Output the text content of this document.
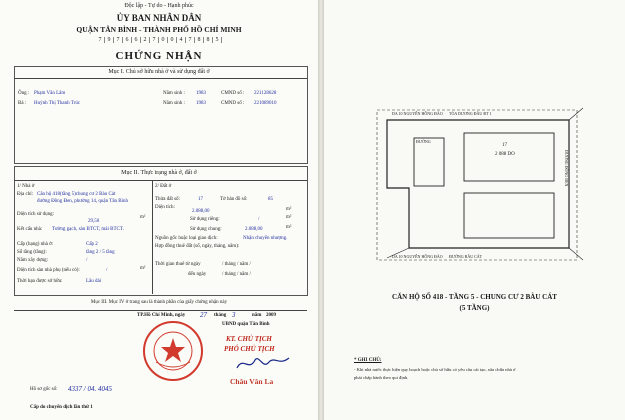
Độc lập - Tự do - Hạnh phúc
ỦY BAN NHÂN DÂN
QUẬN TÂN BÌNH - THÀNH PHỐ HỒ CHÍ MINH
7 9 7 6 6 2 7 0 0 4 7 8 8 5
CHỨNG NHẬN
Mục I. Chủ sở hữu nhà ở và sử dụng đất ở
Ông : Phạm Văn Lâm	Năm sinh : 1983	CMND số : 221128628
Bà : Huỳnh Thị Thanh Trúc	Năm sinh : 1983	CMND số : 221089010
Mục II. Thực trạng nhà ở, đất ở
1/ Nhà ở
Địa chỉ: Căn hộ 418(tầng 5)chung cư 2 Bàu Cát
đường Đồng Đen, phường 14, quận Tân Bình
Diện tích sử dụng:
29,50
m²
Kết cấu nhà: Tường gạch, sàn BTCT, mái BTCT.
Cấp (hạng) nhà ở:	Cấp 2
Số tầng (tầng):	tầng 2 / 5 tầng
Năm xây dựng:	/
Diện tích sàn nhà phụ (nếu có):	/	m²
Thời hạn được sở hữu:	Lâu dài
2/ Đất ở
Thửa đất số:	17	Tờ bản đồ số:	85
Diện tích:
2.088,00	m²
Sử dụng riêng:	/	m²
Sử dụng chung:	2.088,00	m²
Nguồn gốc hoặc loại giao dịch:	Nhận chuyển nhượng.
Hợp đồng thuê đất (số, ngày, tháng, năm):
Thời gian thuê từ ngày	/ tháng / năm /
đến ngày	/ tháng / năm /
Mục III. Mục IV ở trang sau là thành phần của giấy chứng nhận này
TP.Hồ Chí Minh, ngày 27 tháng 3	năm 2009
UBND quận Tân Bình
KT. CHỦ TỊCH
PHÓ CHỦ TỊCH
Châu Văn La
Hồ sơ gốc số: 4337 / 04. 4045
Cấp do chuyển dịch lần thứ 1
DA 10 NGUYỄN HỒNG ĐÀO TÒA DƯƠNG ĐẦU ĐT 1
ĐƯỜNG
ĐƯỜNG ĐỒNG ĐEN
DA 10 NGUYỄN HỒNG ĐÀO ĐƯỜNG BẦU CÁT
17
2 088 DO
CĂN HỘ SỐ 418 - TẦNG 5 - CHUNG CƯ 2 BÀU CÁT
(5 TẦNG)
* GHI CHÚ:
- Khi nhà nước thực hiện quy hoạch hoặc chủ sở hữu có yêu cầu cải tạo, sửa chữa nhà ở
phải chấp hành theo qui định.
